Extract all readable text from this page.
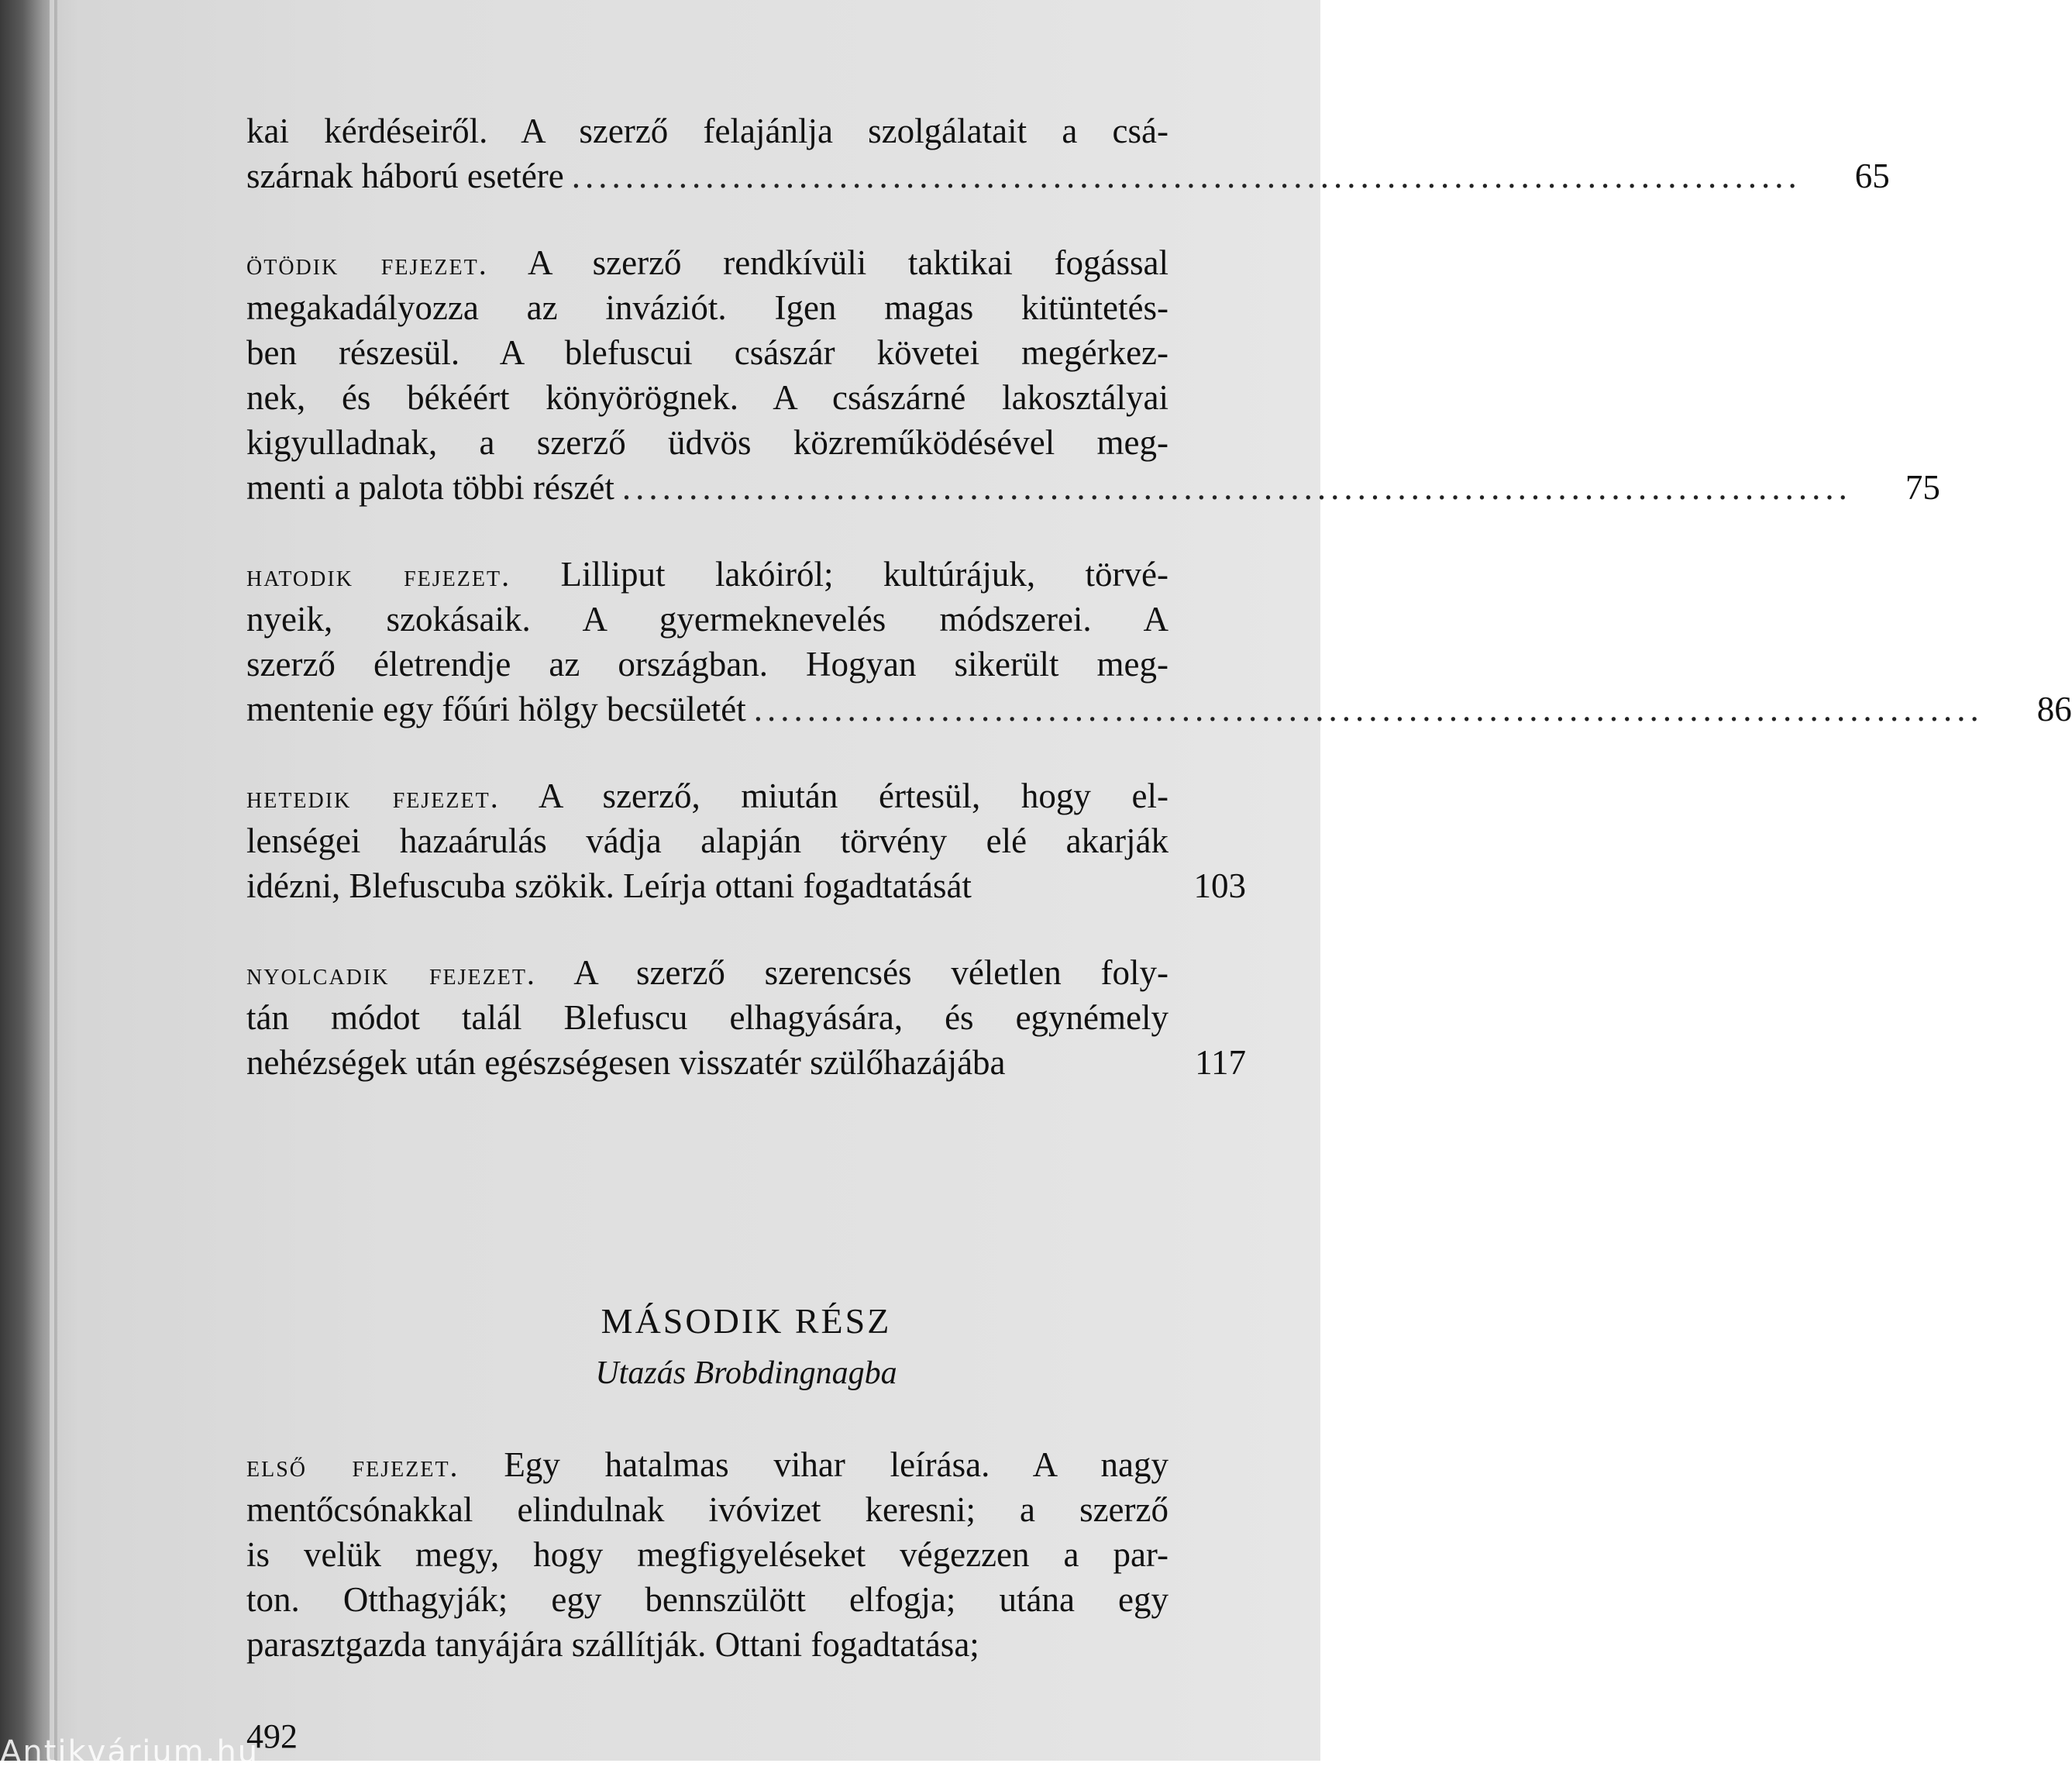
kai kérdéseiről. A szerző felajánlja szolgálatait a csá-
szárnak háború esetére ............................................................................................	65
ötödik fejezet. A szerző rendkívüli taktikai fogással
megakadályozza az inváziót. Igen magas kitüntetés-
ben részesül. A blefuscui császár követei megérkez-
nek, és békéért könyörögnek. A császárné lakosztályai
kigyulladnak, a szerző üdvös közreműködésével meg-
menti a palota többi részét ............................................................................................	75
hatodik fejezet. Lilliput lakóiról; kultúrájuk, törvé-
nyeik, szokásaik. A gyermeknevelés módszerei. A
szerző életrendje az országban. Hogyan sikerült meg-
mentenie egy főúri hölgy becsületét ............................................................................................	86
hetedik fejezet. A szerző, miután értesül, hogy el-
lenségei hazaárulás vádja alapján törvény elé akarják
idézni, Blefuscuba szökik. Leírja ottani fogadtatását	103
nyolcadik fejezet. A szerző szerencsés véletlen foly-
tán módot talál Blefuscu elhagyására, és egynémely
nehézségek után egészségesen visszatér szülőhazájába	117
MÁSODIK RÉSZ
Utazás Brobdingnagba
első fejezet. Egy hatalmas vihar leírása. A nagy
mentőcsónakkal elindulnak ivóvizet keresni; a szerző
is velük megy, hogy megfigyeléseket végezzen a par-
ton. Otthagyják; egy bennszülött elfogja; utána egy
parasztgazda tanyájára szállítják. Ottani fogadtatása;
492
Antikvárium.hu
